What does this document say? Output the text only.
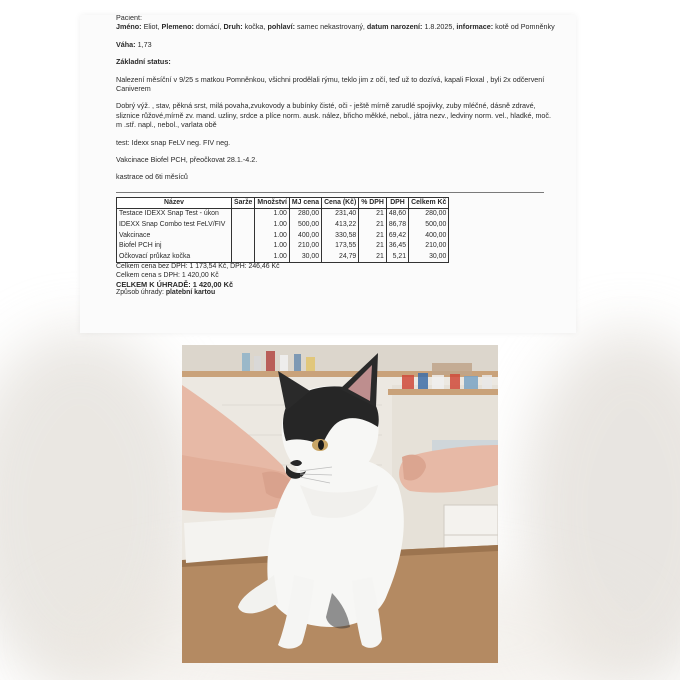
Pacient:

Jméno: Eliot, Plemeno: domácí, Druh: kočka, pohlaví: samec nekastrovaný, datum narození: 1.8.2025, informace: kotě od Pomněnky

Váha: 1,73

Základní status:

Nalezení měsíční v 9/25 s matkou Pomněnkou, všichni prodělali rýmu, teklo jim z očí, teď už to dozívá, kapali Floxal , byli 2x odčervení Caniverem

Dobrý výž. , stav, pěkná srst, milá povaha,zvukovody a bubínky čisté, oči - ještě mírně zarudlé spojivky, zuby mléčné, dásně zdravé, sliznice růžové,mírně zv. mand. uzliny, srdce a plíce norm. ausk. nález, břicho měkké, nebol., játra nezv., ledviny norm. vel., hladké, moč. m .stř. napl., nebol., varlata obě

test: Idexx snap FeLV neg. FIV neg.

Vakcinace Biofel PCH, přeočkovat 28.1.-4.2.

kastrace od 6ti měsíců

Název	Šarže	Množství	MJ cena	Cena (Kč)	% DPH	DPH	Celkem Kč
Testace IDEXX Snap Test - úkon		1.00	280,00	231,40	21	48,60	280,00
IDEXX Snap Combo test FeLV/FIV		1.00	500,00	413,22	21	86,78	500,00
Vakcinace		1.00	400,00	330,58	21	69,42	400,00
Biofel PCH inj		1.00	210,00	173,55	21	36,45	210,00
Očkovací průkaz kočka		1.00	30,00	24,79	21	5,21	30,00

Celkem cena bez DPH: 1 173,54 Kč, DPH: 246,46 Kč

Celkem cena s DPH: 1 420,00 Kč

CELKEM K ÚHRADĚ: 1 420,00 Kč

Způsob úhrady: platební kartou
